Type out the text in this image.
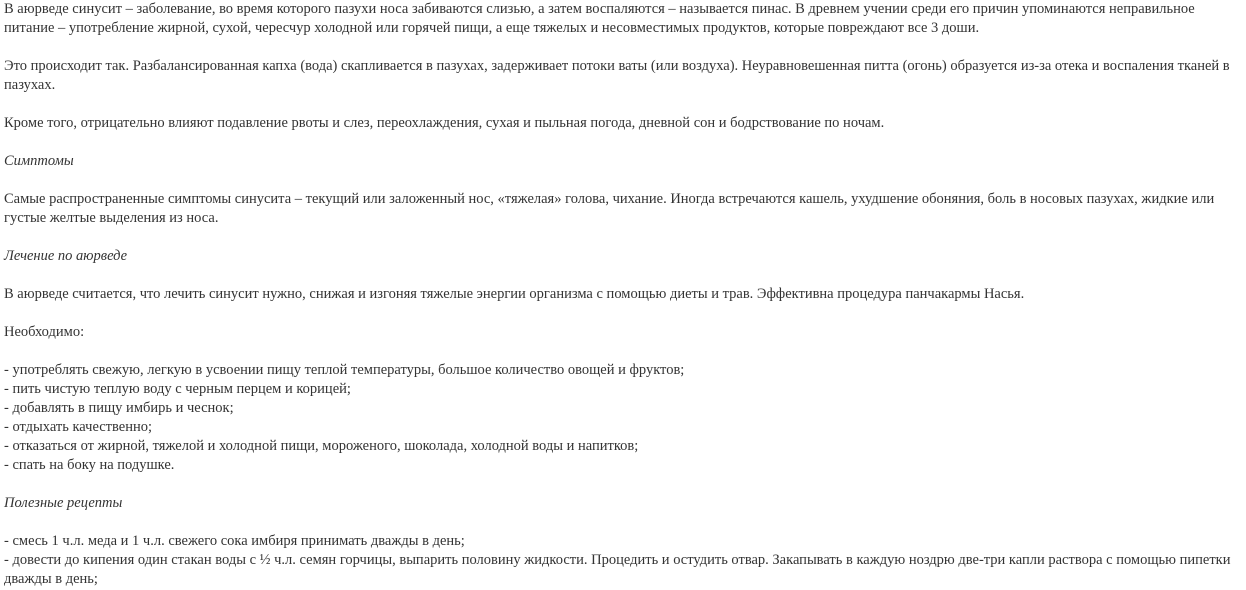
В аюрведе синусит – заболевание, во время которого пазухи носа забиваются слизью, а затем воспаляются – называется пинас. В древнем учении среди его причин упоминаются неправильное питание – употребление жирной, сухой, чересчур холодной или горячей пищи, а еще тяжелых и несовместимых продуктов, которые повреждают все 3 доши.

Это происходит так. Разбалансированная капха (вода) скапливается в пазухах, задерживает потоки ваты (или воздуха). Неуравновешенная питта (огонь) образуется из-за отека и воспаления тканей в пазухах.

Кроме того, отрицательно влияют подавление рвоты и слез, переохлаждения, сухая и пыльная погода, дневной сон и бодрствование по ночам.

Симптомы

Самые распространенные симптомы синусита – текущий или заложенный нос, «тяжелая» голова, чихание. Иногда встречаются кашель, ухудшение обоняния, боль в носовых пазухах, жидкие или густые желтые выделения из носа.

Лечение по аюрведе

В аюрведе считается, что лечить синусит нужно, снижая и изгоняя тяжелые энергии организма с помощью диеты и трав. Эффективна процедура панчакармы Насья.

Необходимо:

- употреблять свежую, легкую в усвоении пищу теплой температуры, большое количество овощей и фруктов;
- пить чистую теплую воду с черным перцем и корицей;
- добавлять в пищу имбирь и чеснок;
- отдыхать качественно;
- отказаться от жирной, тяжелой и холодной пищи, мороженого, шоколада, холодной воды и напитков;
- спать на боку на подушке.

Полезные рецепты

- смесь 1 ч.л. меда и 1 ч.л. свежего сока имбиря принимать дважды в день;
- довести до кипения один стакан воды с ½ ч.л. семян горчицы, выпарить половину жидкости. Процедить и остудить отвар. Закапывать в каждую ноздрю две-три капли раствора с помощью пипетки дважды в день;
